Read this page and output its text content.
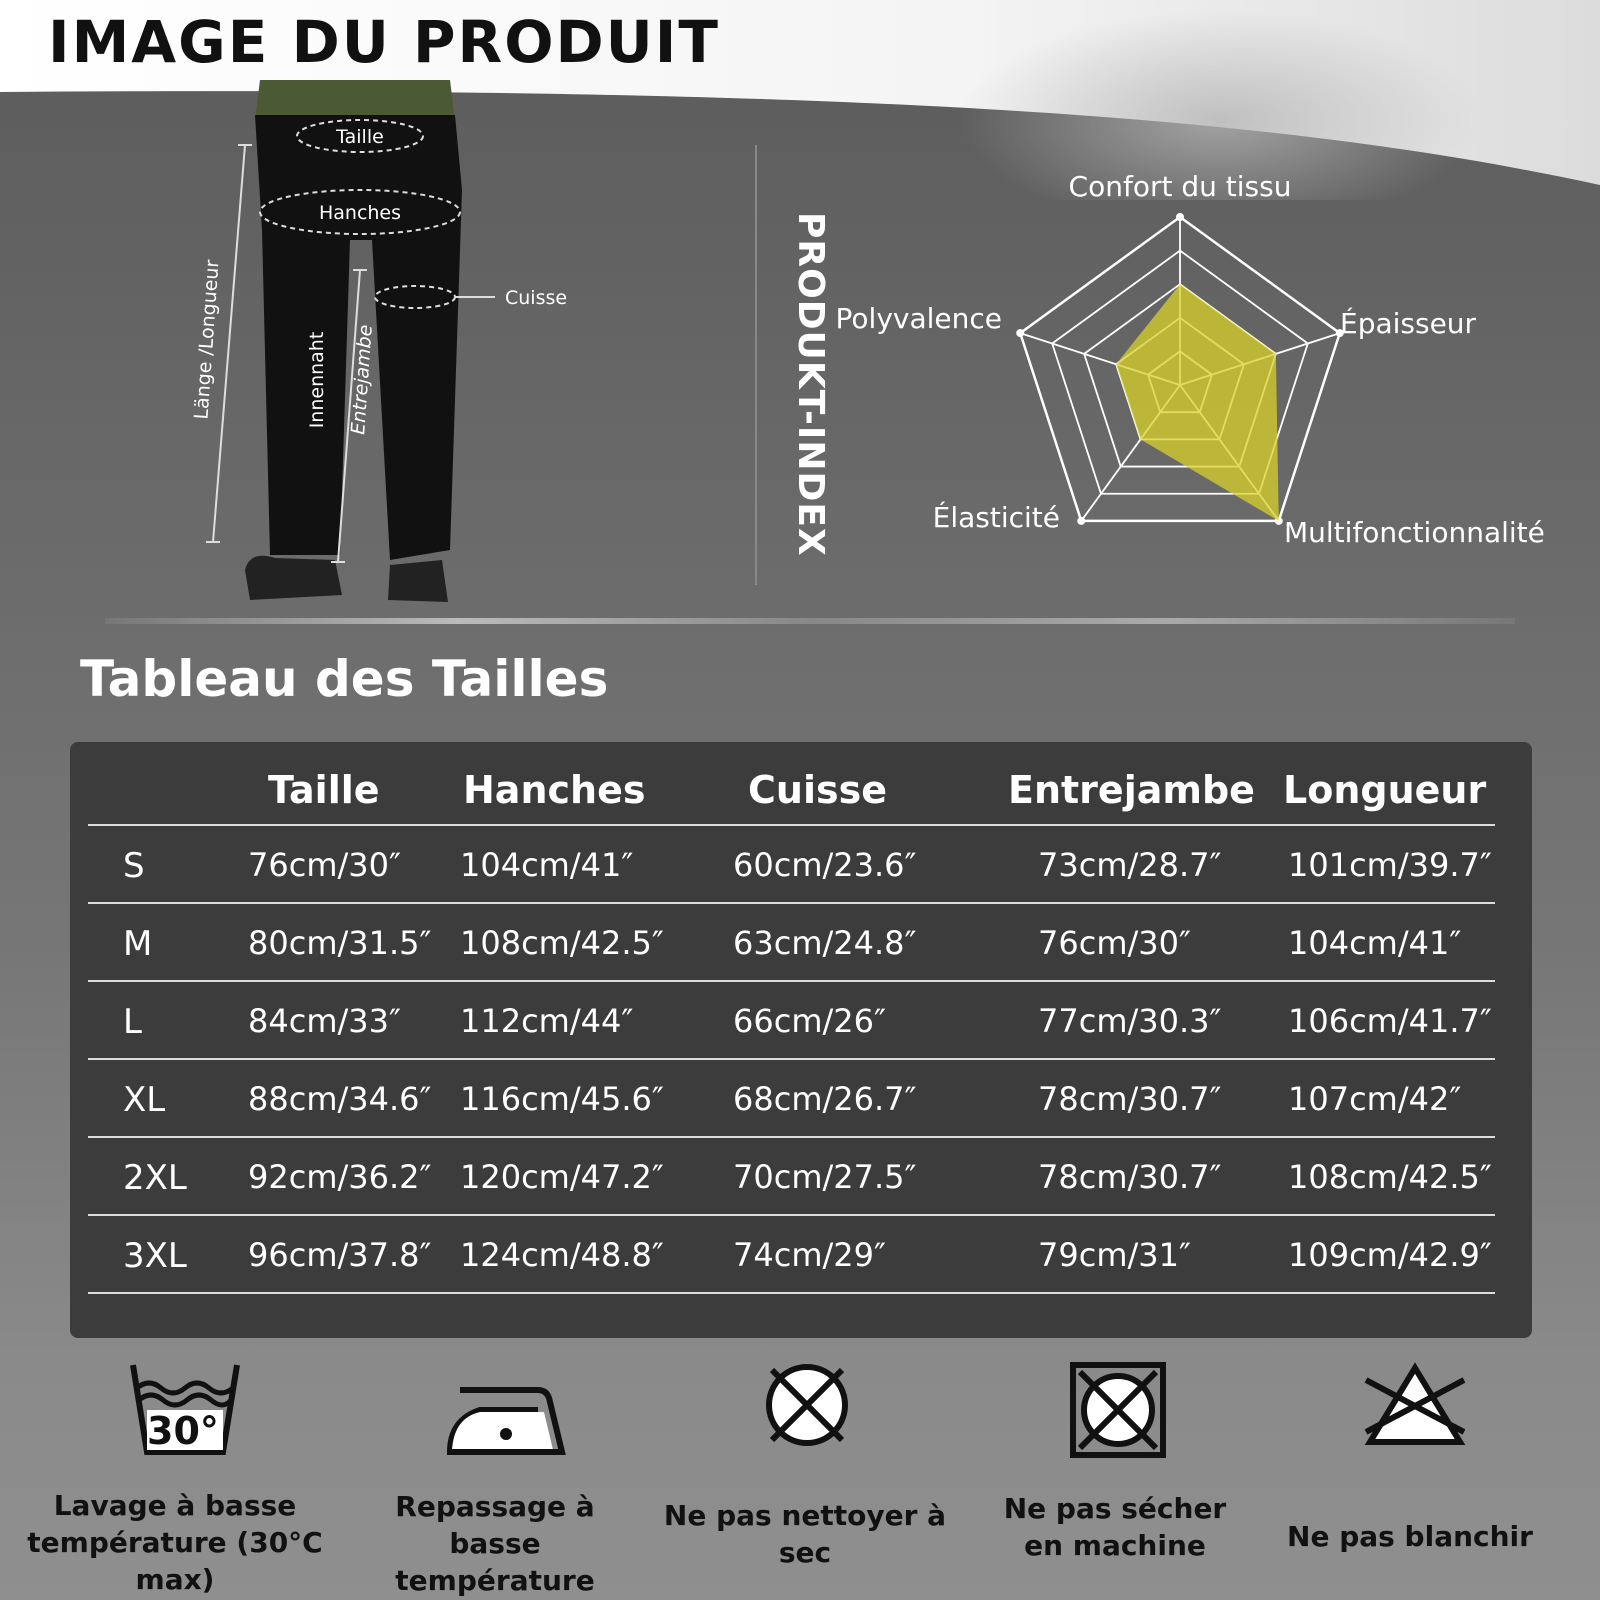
IMAGE DU PRODUIT
Taille
Hanches
Cuisse
Länge /Longueur	Innennaht Entrejambe	PRODUKT-INDEX
Confort du tissu
Épaisseur
Multifonctionnalité
Élasticité
Polyvalence
Tableau des Tailles
Taille Hanches	Cuisse	Entrejambe Longueur
S	76cm/30″ 104cm/41″	60cm/23.6″	73cm/28.7″ 101cm/39.7″
M	80cm/31.5″ 108cm/42.5″ 63cm/24.8″	76cm/30″	104cm/41″
L	84cm/33″ 112cm/44″	66cm/26″	77cm/30.3″ 106cm/41.7″
XL	88cm/34.6″ 116cm/45.6″ 68cm/26.7″	78cm/30.7″ 107cm/42″
2XL 92cm/36.2″ 120cm/47.2″ 70cm/27.5″	78cm/30.7″ 108cm/42.5″
3XL 96cm/37.8″ 124cm/48.8″ 74cm/29″	79cm/31″	109cm/42.9″
30°
Lavage à basse
température (30°C max)
Repassage à basse
température
Ne pas nettoyer à sec
Ne pas sécher
en machine	Ne pas blanchir
